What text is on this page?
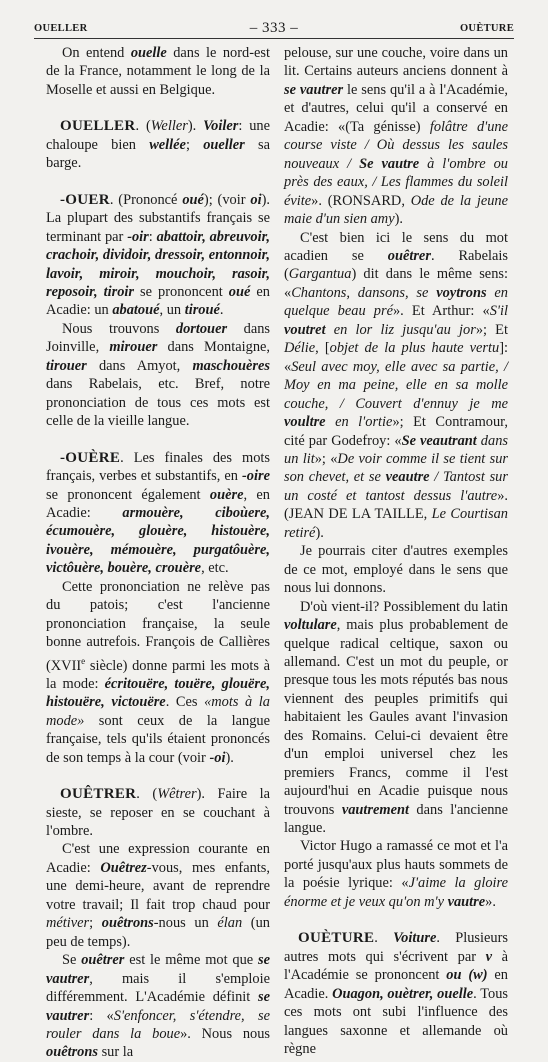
OUELLER	– 333 –	OUÈTURE

On entend ouelle dans le nord-est de la France, notamment le long de la Moselle et aussi en Belgique.

OUELLER. (Weller). Voiler: une chaloupe bien wellée; oueller sa barge.

-OUER. (Prononcé oué); (voir oi). La plupart des substantifs français se terminant par -oir: abattoir, abreuvoir, crachoir, dividoir, dressoir, entonnoir, lavoir, miroir, mouchoir, rasoir, reposoir, tiroir se prononcent oué en Acadie: un abatoué, un tiroué.

Nous trouvons dortouer dans Joinville, mirouer dans Montaigne, tirouer dans Amyot, maschouères dans Rabelais, etc. Bref, notre prononciation de tous ces mots est celle de la vieille langue.

-OUÈRE. Les finales des mots français, verbes et substantifs, en -oire se prononcent également ouère, en Acadie: armouère, ciboùere, écumouère, glouère, histouère, ivouère, mémouère, purgatôuère, victôuère, bouère, crouère, etc.

Cette prononciation ne relève pas du patois; c'est l'ancienne prononciation française, la seule bonne autrefois. François de Callières (XVIIe siècle) donne parmi les mots à la mode: écritouëre, touëre, glouëre, histouëre, victouëre. Ces «mots à la mode» sont ceux de la langue française, tels qu'ils étaient prononcés de son temps à la cour (voir -oi).

OUÊTRER. (Wêtrer). Faire la sieste, se reposer en se couchant à l'ombre.

C'est une expression courante en Acadie: Ouêtrez-vous, mes enfants, une demi-heure, avant de reprendre votre travail; Il fait trop chaud pour métiver; ouêtrons-nous un élan (un peu de temps).

Se ouêtrer est le même mot que se vautrer, mais il s'emploie différemment. L'Académie définit se vautrer: «S'enfoncer, s'étendre, se rouler dans la boue». Nous nous ouêtrons sur la

pelouse, sur une couche, voire dans un lit. Certains auteurs anciens donnent à se vautrer le sens qu'il a à l'Académie, et d'autres, celui qu'il a conservé en Acadie: «(Ta génisse) folâtre d'une course viste / Où dessus les saules nouveaux / Se vautre à l'ombre ou près des eaux, / Les flammes du soleil évite». (RONSARD, Ode de la jeune maie d'un sien amy).

C'est bien ici le sens du mot acadien se ouêtrer. Rabelais (Gargantua) dit dans le même sens: «Chantons, dansons, se voytrons en quelque beau pré». Et Arthur: «S'il voutret en lor liz jusqu'au jor»; Et Délie, [objet de la plus haute vertu]: «Seul avec moy, elle avec sa partie, / Moy en ma peine, elle en sa molle couche, / Couvert d'ennuy je me voultre en l'ortie»; Et Contramour, cité par Godefroy: «Se veautrant dans un lit»; «De voir comme il se tient sur son chevet, et se veautre / Tantost sur un costé et tantost dessus l'autre». (JEAN DE LA TAILLE, Le Courtisan retiré).

Je pourrais citer d'autres exemples de ce mot, employé dans le sens que nous lui donnons.

D'où vient-il? Possiblement du latin voltulare, mais plus probablement de quelque radical celtique, saxon ou allemand. C'est un mot du peuple, or presque tous les mots réputés bas nous viennent des peuples primitifs qui habitaient les Gaules avant l'invasion des Romains. Celui-ci devaient être d'un emploi universel chez les premiers Francs, comme il l'est aujourd'hui en Acadie puisque nous trouvons vautrement dans l'ancienne langue.

Victor Hugo a ramassé ce mot et l'a porté jusqu'aux plus hauts sommets de la poésie lyrique: «J'aime la gloire énorme et je veux qu'on m'y vautre».

OUÈTURE. Voiture. Plusieurs autres mots qui s'écrivent par v à l'Académie se prononcent ou (w) en Acadie. Ouagon, ouètrer, ouelle. Tous ces mots ont subi l'influence des langues saxonne et allemande où règne
